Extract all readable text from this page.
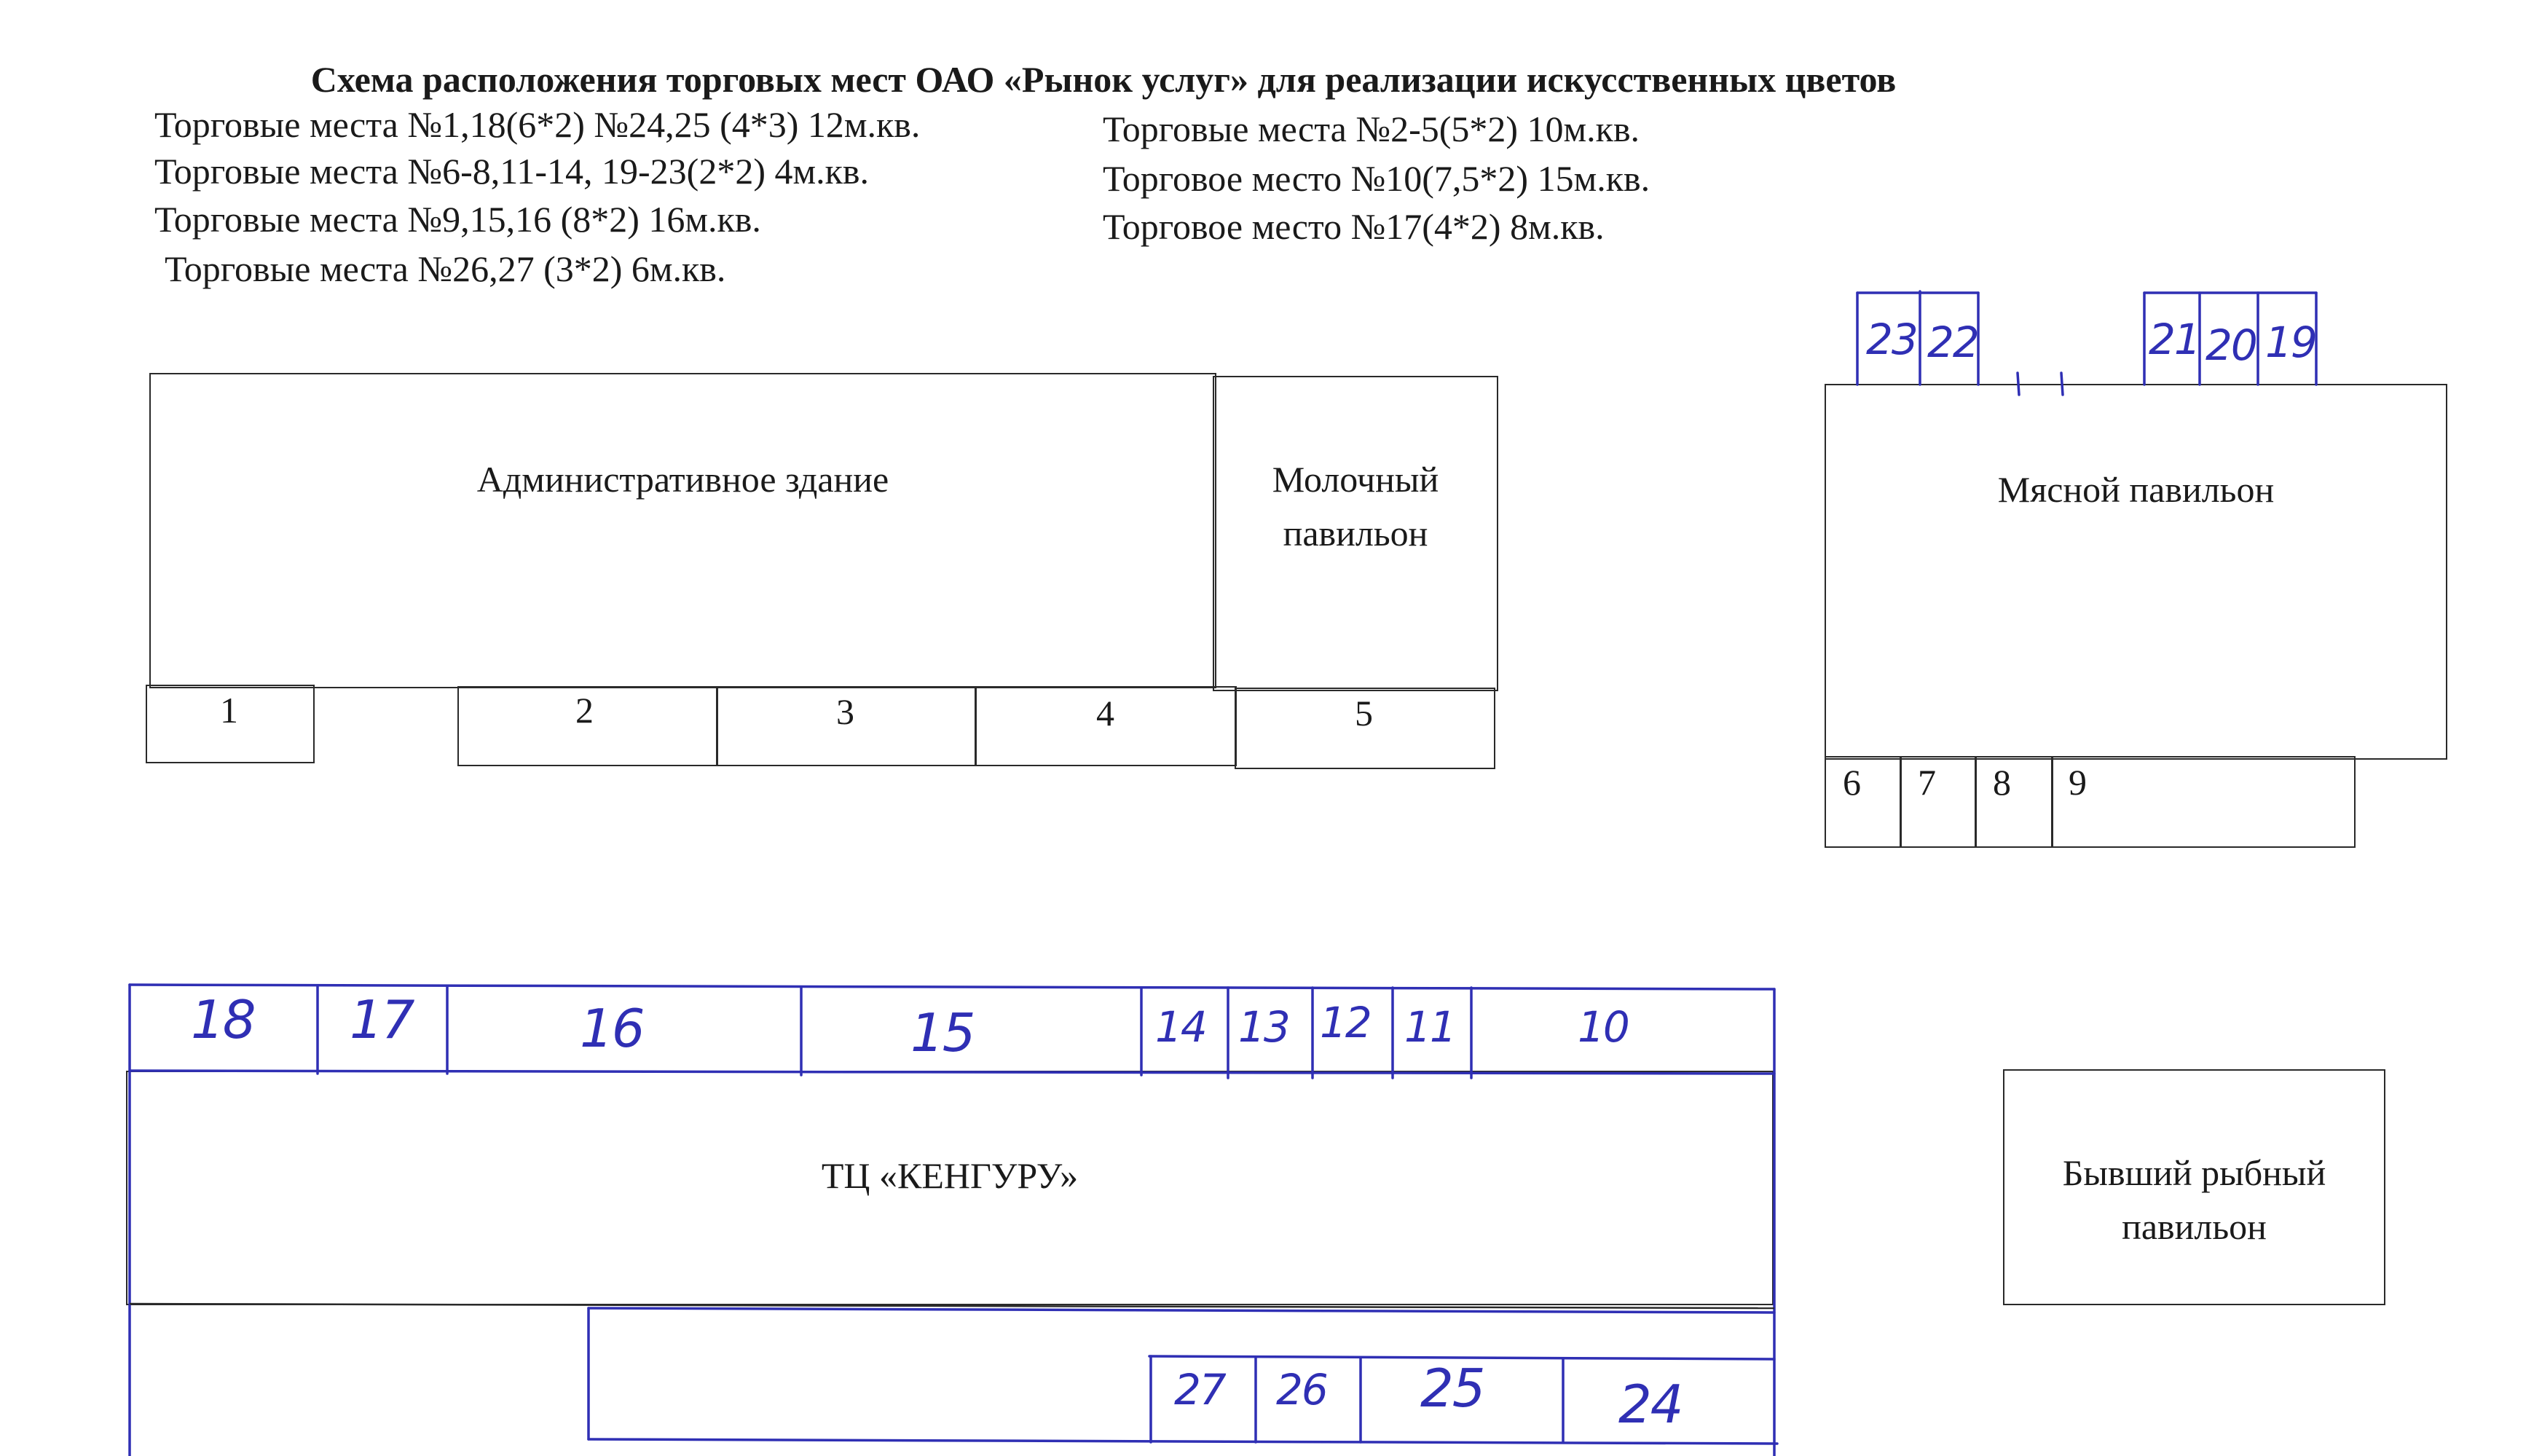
Схема расположения торговых мест ОАО «Рынок услуг» для реализации искусственных цветов
Торговые места №1,18(6*2) №24,25 (4*3) 12м.кв.
Торговые места №6-8,11-14, 19-23(2*2) 4м.кв.
Торговые места №9,15,16 (8*2) 16м.кв.
Торговые места №26,27 (3*2) 6м.кв.
Торговые места №2-5(5*2) 10м.кв.
Торговое место №10(7,5*2) 15м.кв.
Торговое место №17(4*2) 8м.кв.
Административное здание	Молочный
павильон
1	2	3	4	5
Мясной павильон
6 7 8 9
Бывший рыбный
павильон
ТЦ «КЕНГУРУ»
18 17	16	15	14 13 12 11	10
27 26 25	24
23 22	21 20 19
